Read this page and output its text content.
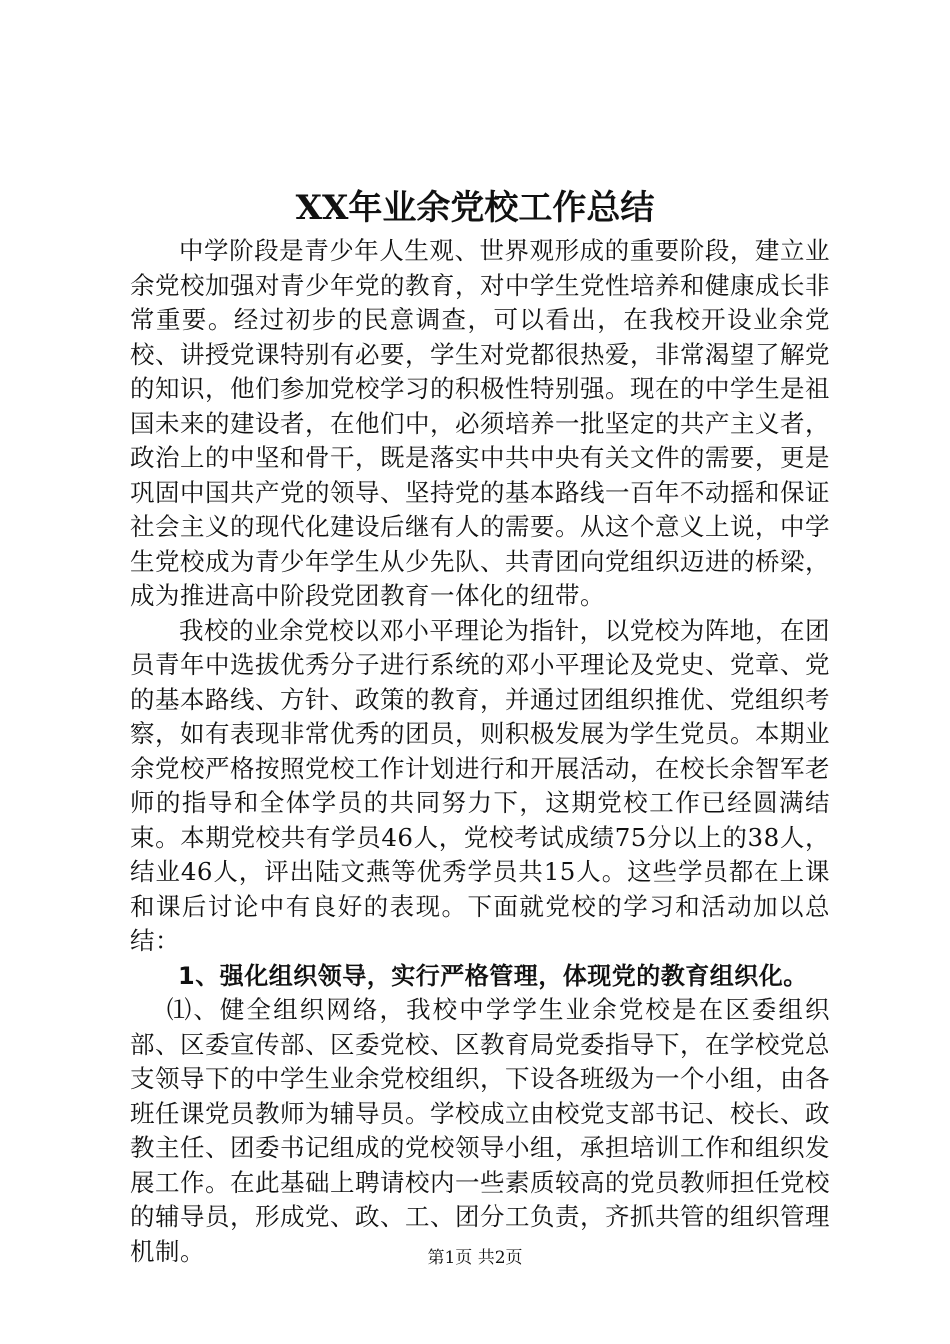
XX年业余党校工作总结

中学阶段是青少年人生观、世界观形成的重要阶段，建立业余党校加强对青少年党的教育，对中学生党性培养和健康成长非常重要。经过初步的民意调查，可以看出，在我校开设业余党校、讲授党课特别有必要，学生对党都很热爱，非常渴望了解党的知识，他们参加党校学习的积极性特别强。现在的中学生是祖国未来的建设者，在他们中，必须培养一批坚定的共产主义者，政治上的中坚和骨干，既是落实中共中央有关文件的需要，更是巩固中国共产党的领导、坚持党的基本路线一百年不动摇和保证社会主义的现代化建设后继有人的需要。从这个意义上说，中学生党校成为青少年学生从少先队、共青团向党组织迈进的桥梁，成为推进高中阶段党团教育一体化的纽带。

我校的业余党校以邓小平理论为指针，以党校为阵地，在团员青年中选拔优秀分子进行系统的邓小平理论及党史、党章、党的基本路线、方针、政策的教育，并通过团组织推优、党组织考察，如有表现非常优秀的团员，则积极发展为学生党员。本期业余党校严格按照党校工作计划进行和开展活动，在校长余智军老师的指导和全体学员的共同努力下，这期党校工作已经圆满结束。本期党校共有学员46人，党校考试成绩75分以上的38人，结业46人，评出陆文燕等优秀学员共15人。这些学员都在上课和课后讨论中有良好的表现。下面就党校的学习和活动加以总结：

1、强化组织领导，实行严格管理，体现党的教育组织化。

⑴、健全组织网络，我校中学学生业余党校是在区委组织部、区委宣传部、区委党校、区教育局党委指导下，在学校党总支领导下的中学生业余党校组织，下设各班级为一个小组，由各班任课党员教师为辅导员。学校成立由校党支部书记、校长、政教主任、团委书记组成的党校领导小组，承担培训工作和组织发展工作。在此基础上聘请校内一些素质较高的党员教师担任党校的辅导员，形成党、政、工、团分工负责，齐抓共管的组织管理机制。	第1页 共2页
